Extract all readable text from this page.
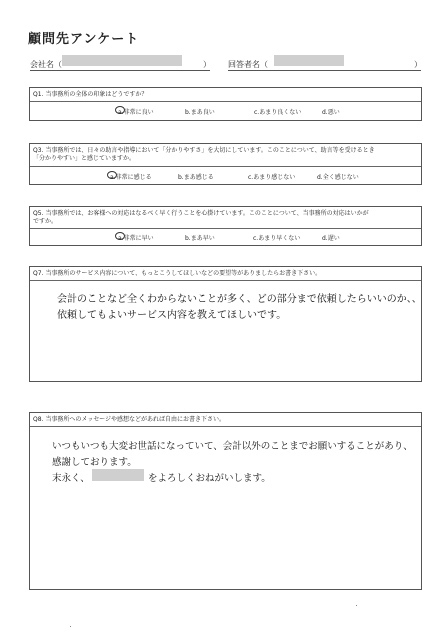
顧問先アンケート
会社名（	） 回答者名（	）
Q1. 当事務所の全体の印象はどうですか？
a.非常に良い	b.まあ良い	c.あまり良くない	d.悪い
Q3. 当事務所では、日々の助言や指導において「分かりやすさ」を大切にしています。このことについて、助言等を受けるとき
「分かりやすい」と感じていますか。
a.非常に感じる	b.まあ感じる	c.あまり感じない	d.全く感じない
Q5. 当事務所では、お客様への対応はなるべく早く行うことを心掛けています。このことについて、当事務所の対応はいかが
ですか。
a.非常に早い	b.まあ早い	c.あまり早くない	d.遅い
Q7. 当事務所のサービス内容について、もっとこうしてほしいなどの要望等がありましたらお書き下さい。
会計のことなど全くわからないことが多く、どの部分まで依頼したらいいのか、、
依頼してもよいサービス内容を教えてほしいです。
Q8. 当事務所へのメッセージや感想などがあれば自由にお書き下さい。
いつもいつも大変お世話になっていて、会計以外のことまでお願いすることがあり、
感謝しております。
末永く、	をよろしくおねがいします。
